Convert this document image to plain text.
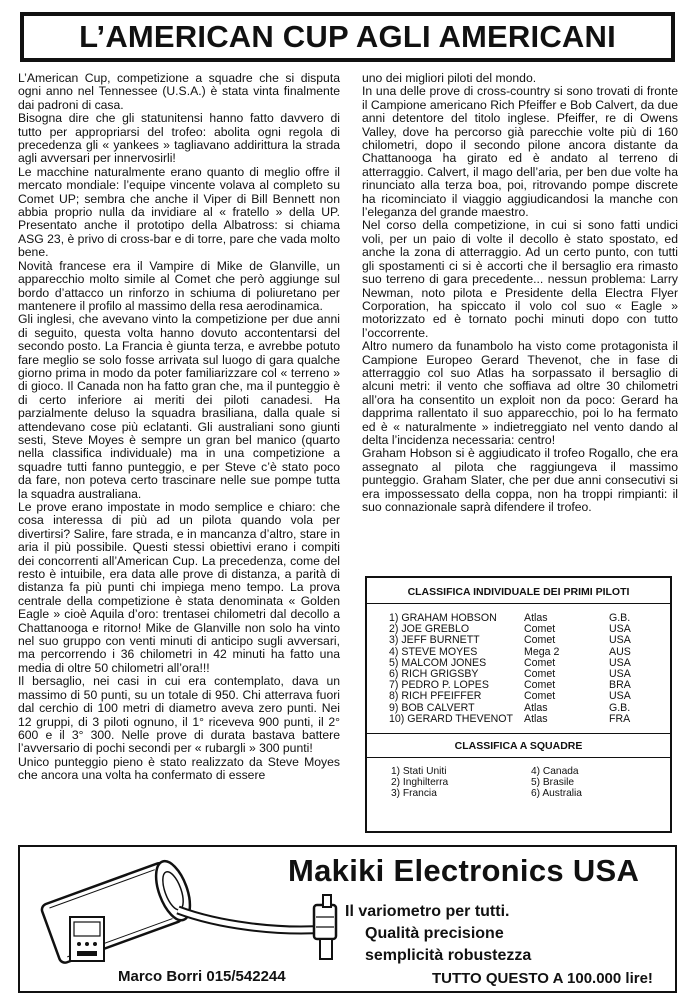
L’AMERICAN CUP AGLI AMERICANI

L’American Cup, competizione a squadre che si disputa ogni anno nel Tennessee (U.S.A.) è stata vinta finalmente dai padroni di casa.

Bisogna dire che gli statunitensi hanno fatto davvero di tutto per appropriarsi del trofeo: abolita ogni regola di precedenza gli « yankees » tagliavano addirittura la strada agli avversari per innervosirli!

Le macchine naturalmente erano quanto di meglio offre il mercato mondiale: l’equipe vincente volava al completo su Comet UP; sembra che anche il Viper di Bill Bennett non abbia proprio nulla da invidiare al « fratello » della UP. Presentato anche il prototipo della Albatross: si chiama ASG 23, è privo di cross-bar e di torre, pare che vada molto bene.

Novità francese era il Vampire di Mike de Glanville, un apparecchio molto simile al Comet che però aggiunge sul bordo d’attacco un rinforzo in schiuma di poliuretano per mantenere il profilo al massimo della resa aerodinamica.

Gli inglesi, che avevano vinto la competizione per due anni di seguito, questa volta hanno dovuto accontentarsi del secondo posto. La Francia è giunta terza, e avrebbe potuto fare meglio se solo fosse arrivata sul luogo di gara qualche giorno prima in modo da poter familiarizzare col « terreno » di gioco. Il Canada non ha fatto gran che, ma il punteggio è di certo inferiore ai meriti dei piloti canadesi. Ha parzialmente deluso la squadra brasiliana, dalla quale si attendevano cose più eclatanti. Gli australiani sono giunti sesti, Steve Moyes è sempre un gran bel manico (quarto nella classifica individuale) ma in una competizione a squadre tutti fanno punteggio, e per Steve c’è stato poco da fare, non poteva certo trascinare nelle sue pompe tutta la squadra australiana.

Le prove erano impostate in modo semplice e chiaro: che cosa interessa di più ad un pilota quando vola per divertirsi? Salire, fare strada, e in mancanza d’altro, stare in aria il più possibile. Questi stessi obiettivi erano i compiti dei concorrenti all’American Cup. La precedenza, come del resto è intuibile, era data alle prove di distanza, a parità di distanza fa più punti chi impiega meno tempo. La prova centrale della competizione è stata denominata « Golden Eagle » cioè Aquila d’oro: trentasei chilometri dal decollo a Chattanooga e ritorno! Mike de Glanville non solo ha vinto nel suo gruppo con venti minuti di anticipo sugli avversari, ma percorrendo i 36 chilometri in 42 minuti ha fatto una media di oltre 50 chilometri all’ora!!!

Il bersaglio, nei casi in cui era contemplato, dava un massimo di 50 punti, su un totale di 950. Chi atterrava fuori dal cerchio di 100 metri di diametro aveva zero punti. Nei 12 gruppi, di 3 piloti ognuno, il 1° riceveva 900 punti, il 2° 600 e il 3° 300. Nelle prove di durata bastava battere l’avversario di pochi secondi per « rubargli » 300 punti!

Unico punteggio pieno è stato realizzato da Steve Moyes che ancora una volta ha confermato di essere

uno dei migliori piloti del mondo.

In una delle prove di cross-country si sono trovati di fronte il Campione americano Rich Pfeiffer e Bob Calvert, da due anni detentore del titolo inglese. Pfeiffer, re di Owens Valley, dove ha percorso già parecchie volte più di 160 chilometri, dopo il secondo pilone ancora distante da Chattanooga ha girato ed è andato al terreno di atterraggio. Calvert, il mago dell’aria, per ben due volte ha rinunciato alla terza boa, poi, ritrovando pompe discrete ha ricominciato il viaggio aggiudicandosi la manche con l’eleganza del grande maestro.

Nel corso della competizione, in cui si sono fatti undici voli, per un paio di volte il decollo è stato spostato, ed anche la zona di atterraggio. Ad un certo punto, con tutti gli spostamenti ci si è accorti che il bersaglio era rimasto suo terreno di gara precedente... nessun problema: Larry Newman, noto pilota e Presidente della Electra Flyer Corporation, ha spiccato il volo col suo « Eagle » motorizzato ed è tornato pochi minuti dopo con tutto l’occorrente.

Altro numero da funambolo ha visto come protagonista il Campione Europeo Gerard Thevenot, che in fase di atterraggio col suo Atlas ha sorpassato il bersaglio di alcuni metri: il vento che soffiava ad oltre 30 chilometri all’ora ha consentito un exploit non da poco: Gerard ha dapprima rallentato il suo apparecchio, poi lo ha fermato ed è « naturalmente » indietreggiato nel vento dando al delta l’incidenza necessaria: centro!

Graham Hobson si è aggiudicato il trofeo Rogallo, che era assegnato al pilota che raggiungeva il massimo punteggio. Graham Slater, che per due anni consecutivi si era impossessato della coppa, non ha troppi rimpianti: il suo connazionale saprà difendere il trofeo.

CLASSIFICA INDIVIDUALE DEI PRIMI PILOTI
1) GRAHAM HOBSON	Atlas	G.B.
2) JOE GREBLO	Comet	USA
3) JEFF BURNETT	Comet	USA
4) STEVE MOYES	Mega 2	AUS
5) MALCOM JONES	Comet	USA
6) RICH GRIGSBY	Comet	USA
7) PEDRO P. LOPES	Comet	BRA
8) RICH PFEIFFER	Comet	USA
9) BOB CALVERT	Atlas	G.B.
10) GERARD THEVENOT	Atlas	FRA
CLASSIFICA A SQUADRE
1) Stati Uniti	4) Canada
2) Inghilterra	5) Brasile
3) Francia	6) Australia
Makiki Electronics USA
Il variometro per tutti.
Qualità precisione
semplicità robustezza
Marco Borri 015/542244	TUTTO QUESTO A 100.000 lire!
